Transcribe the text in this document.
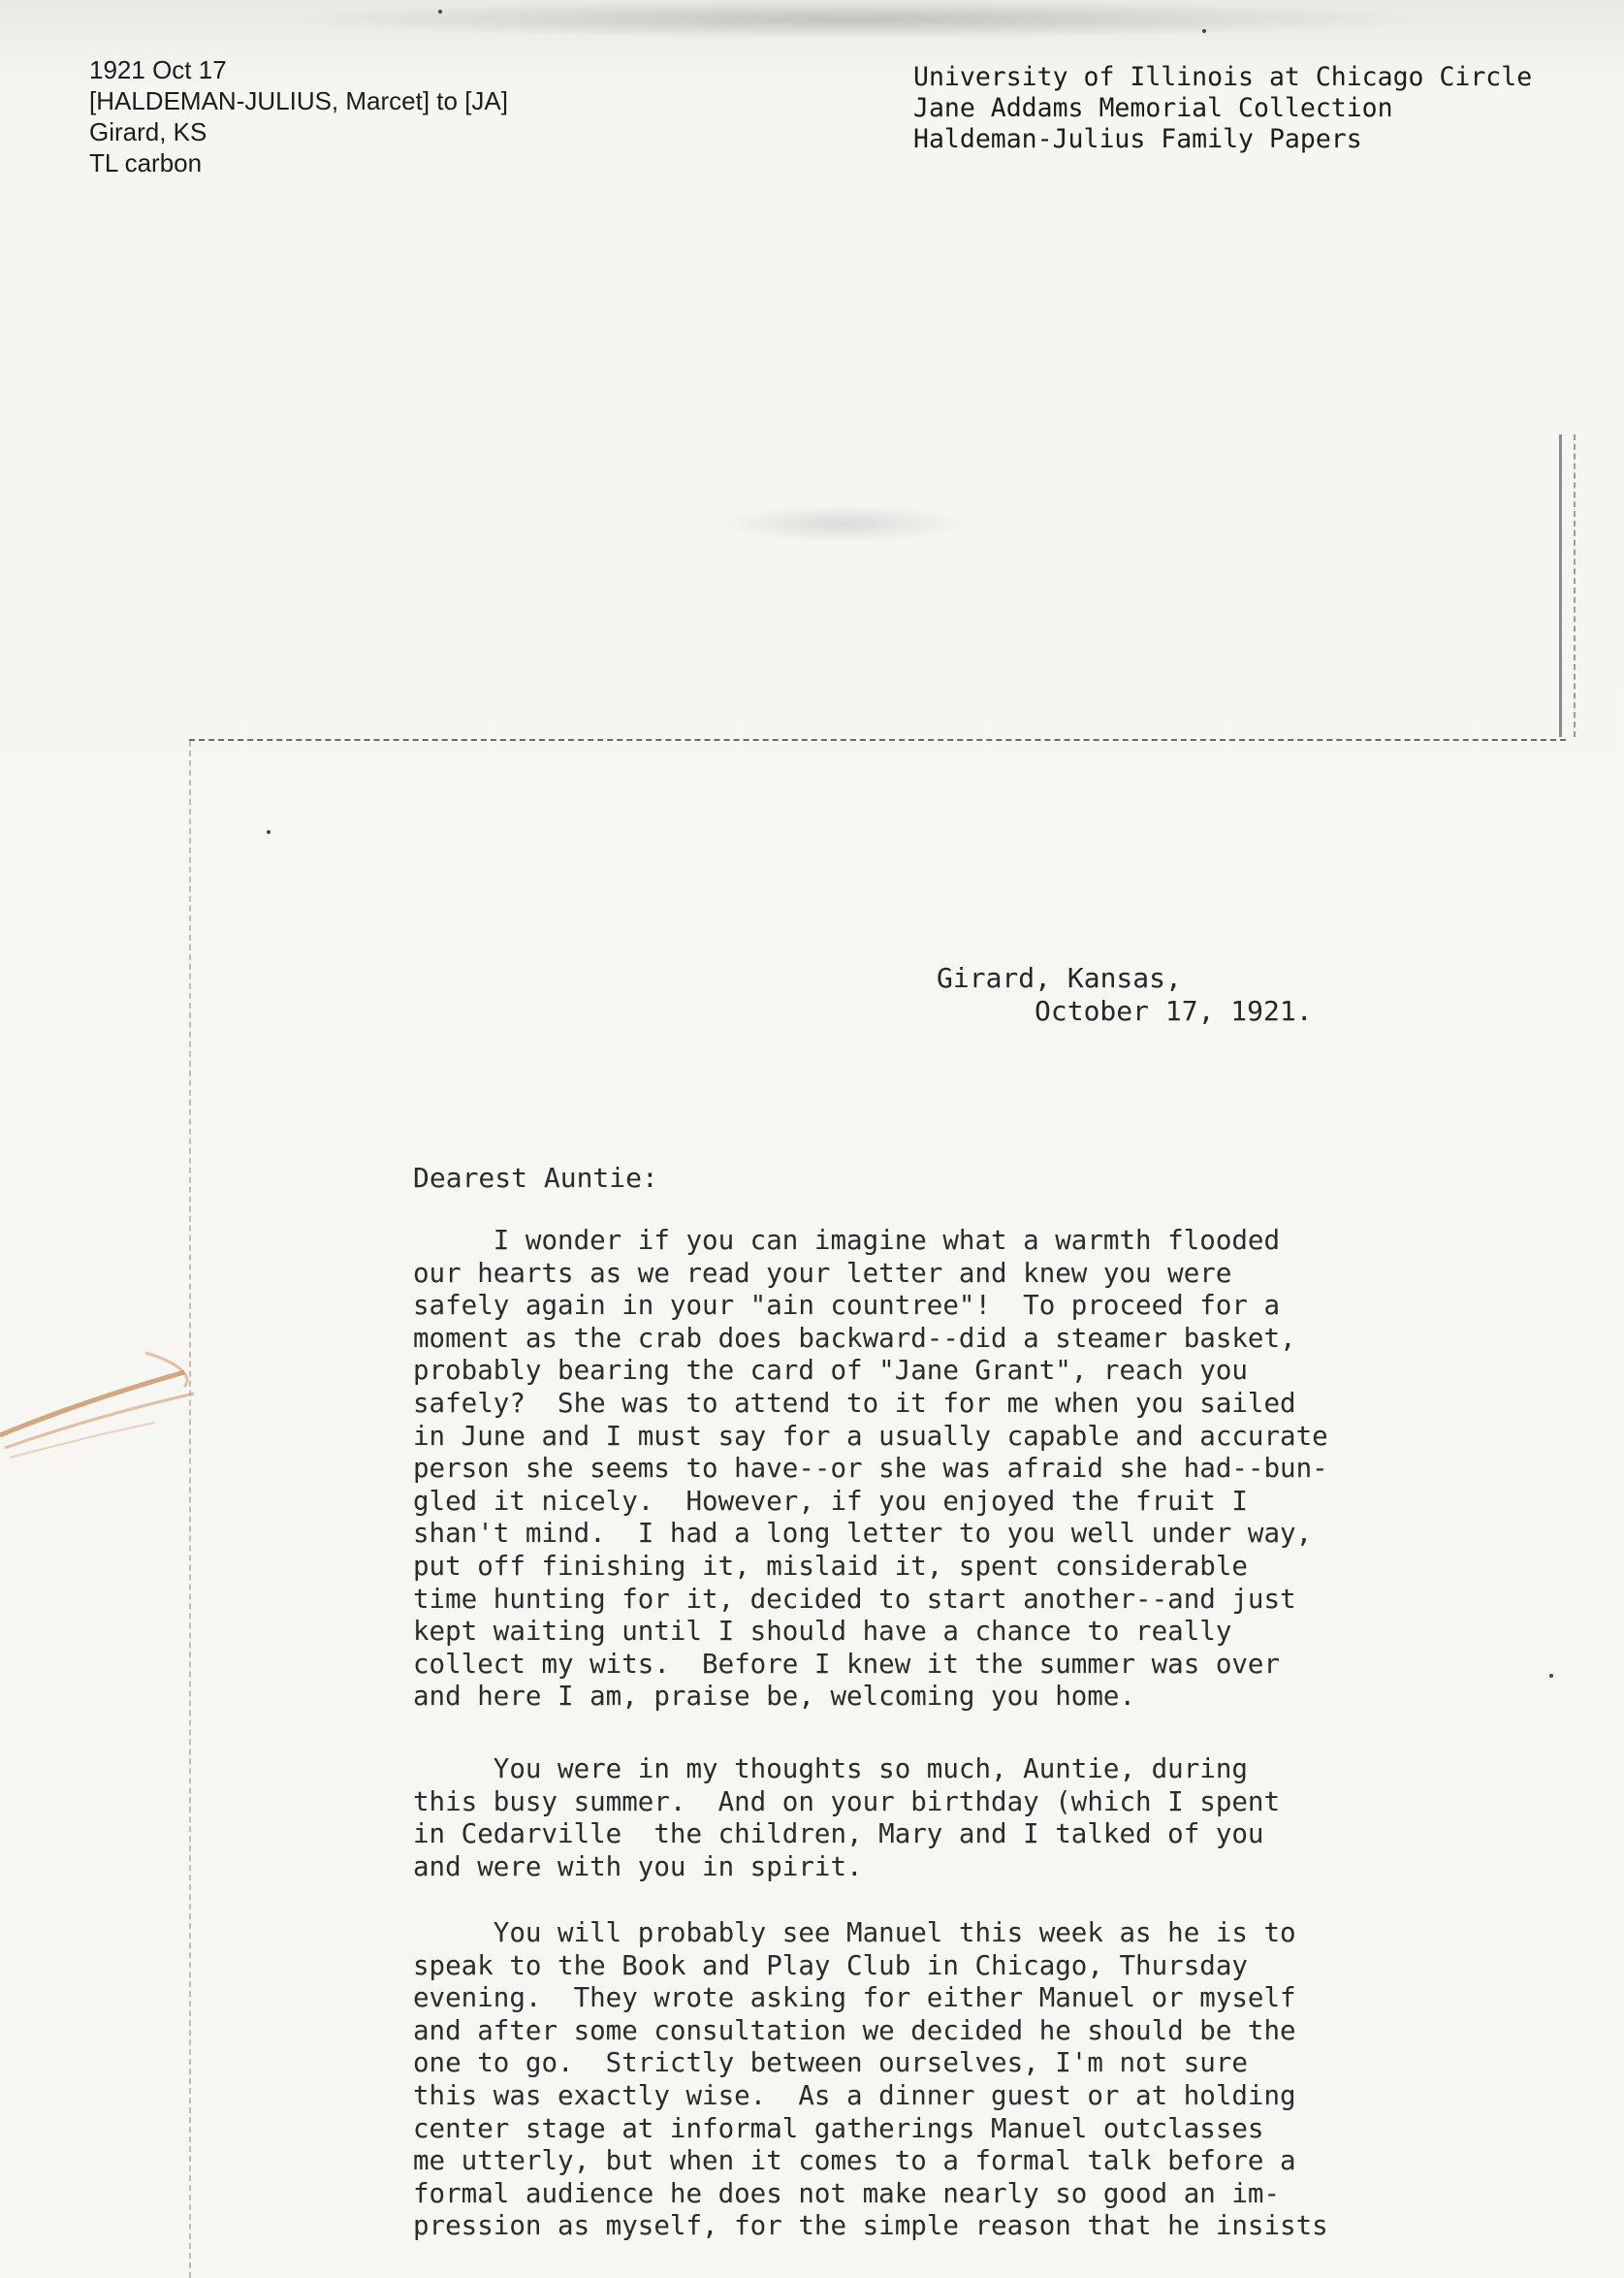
1921 Oct 17
[HALDEMAN-JULIUS, Marcet] to [JA]
Girard, KS
TL carbon
University of Illinois at Chicago Circle
Jane Addams Memorial Collection
Haldeman-Julius Family Papers
Girard, Kansas,
October 17, 1921.
Dearest Auntie:
I wonder if you can imagine what a warmth flooded
our hearts as we read your letter and knew you were
safely again in your "ain countree"!  To proceed for a
moment as the crab does backward--did a steamer basket,
probably bearing the card of "Jane Grant", reach you
safely?  She was to attend to it for me when you sailed
in June and I must say for a usually capable and accurate
person she seems to have--or she was afraid she had--bun-
gled it nicely.  However, if you enjoyed the fruit I
shan't mind.  I had a long letter to you well under way,
put off finishing it, mislaid it, spent considerable
time hunting for it, decided to start another--and just
kept waiting until I should have a chance to really
collect my wits.  Before I knew it the summer was over
and here I am, praise be, welcoming you home.
You were in my thoughts so much, Auntie, during
this busy summer.  And on your birthday (which I spent
in Cedarville  the children, Mary and I talked of you
and were with you in spirit.
You will probably see Manuel this week as he is to
speak to the Book and Play Club in Chicago, Thursday
evening.  They wrote asking for either Manuel or myself
and after some consultation we decided he should be the
one to go.  Strictly between ourselves, I'm not sure
this was exactly wise.  As a dinner guest or at holding
center stage at informal gatherings Manuel outclasses
me utterly, but when it comes to a formal talk before a
formal audience he does not make nearly so good an im-
pression as myself, for the simple reason that he insists
